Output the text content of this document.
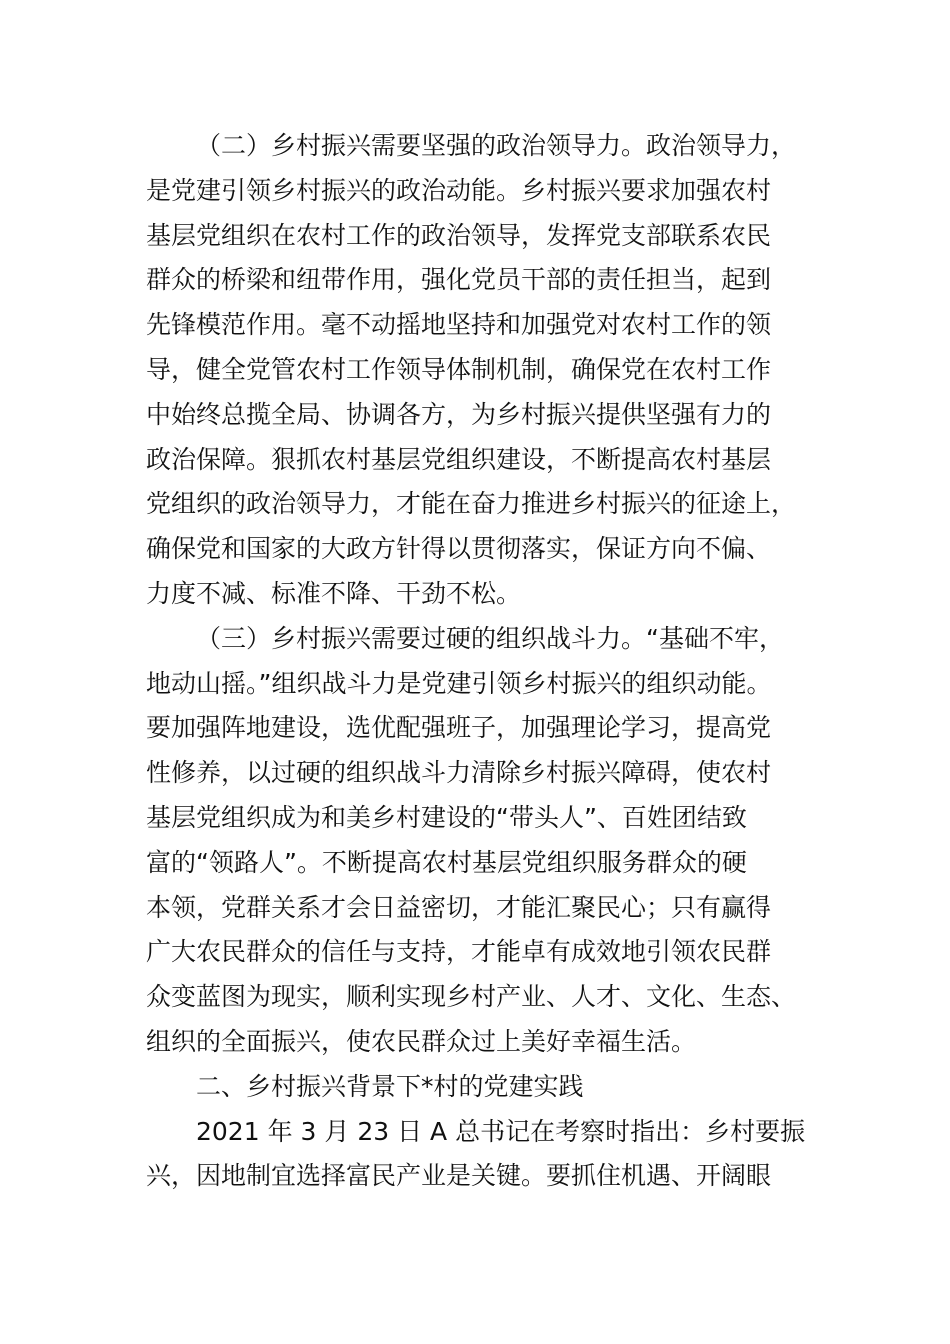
（二）乡村振兴需要坚强的政治领导力。政治领导力，
是党建引领乡村振兴的政治动能。乡村振兴要求加强农村
基层党组织在农村工作的政治领导，发挥党支部联系农民
群众的桥梁和纽带作用，强化党员干部的责任担当，起到
先锋模范作用。毫不动摇地坚持和加强党对农村工作的领
导，健全党管农村工作领导体制机制，确保党在农村工作
中始终总揽全局、协调各方，为乡村振兴提供坚强有力的
政治保障。狠抓农村基层党组织建设，不断提高农村基层
党组织的政治领导力，才能在奋力推进乡村振兴的征途上，
确保党和国家的大政方针得以贯彻落实，保证方向不偏、
力度不减、标准不降、干劲不松。
（三）乡村振兴需要过硬的组织战斗力。“基础不牢，
地动山摇。”组织战斗力是党建引领乡村振兴的组织动能。
要加强阵地建设，选优配强班子，加强理论学习，提高党
性修养，以过硬的组织战斗力清除乡村振兴障碍，使农村
基层党组织成为和美乡村建设的“带头人”、百姓团结致
富的“领路人”。不断提高农村基层党组织服务群众的硬
本领，党群关系才会日益密切，才能汇聚民心；只有赢得
广大农民群众的信任与支持，才能卓有成效地引领农民群
众变蓝图为现实，顺利实现乡村产业、人才、文化、生态、
组织的全面振兴，使农民群众过上美好幸福生活。
二、乡村振兴背景下*村的党建实践
2021 年 3 月 23 日 A 总书记在考察时指出：乡村要振
兴，因地制宜选择富民产业是关键。要抓住机遇、开阔眼
